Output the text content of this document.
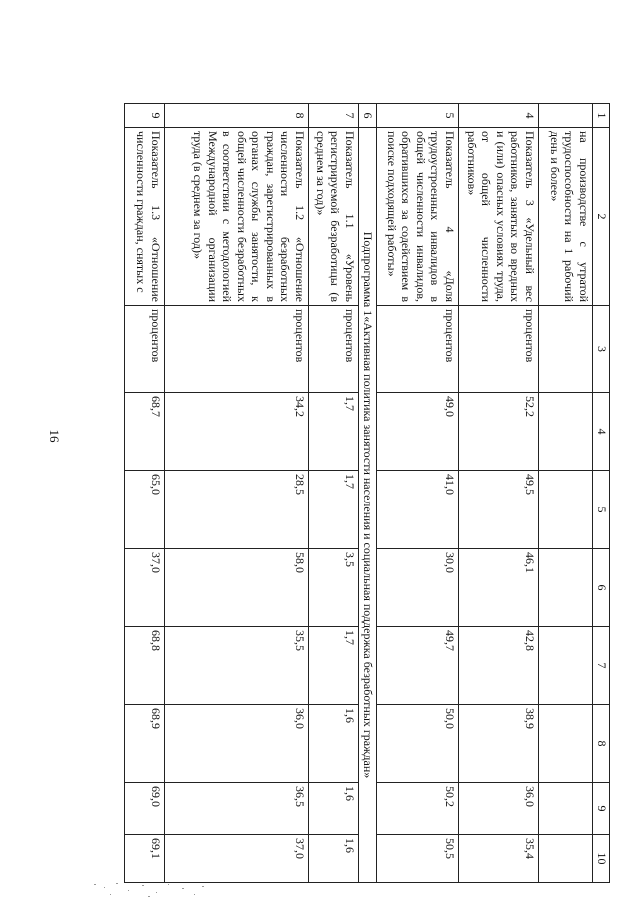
16
1	2	3	4	5	6	7	8	9	10
	на производстве с утратой трудоспособности на 1 рабочий день и более»								
4	Показатель 3 «Удельный вес работников, занятых во вредных и (или) опасных условиях труда, от общей численности работников»	процентов	52,2	49,5	46,1	42,8	38,9	36,0	35,4
5	Показатель 4 «Доля трудоустроенных инвалидов в общей численности инвалидов, обратившихся за содействием в поиске подходящей работы»	процентов	49,0	41,0	30,0	49,7	50,0	50,2	50,5
6	Подпрограмма 1«Активная политика занятости населения и социальная поддержка безработных граждан»								
7	Показатель 1.1 «Уровень регистрируемой безработицы (в среднем за год)»	процентов	1,7	1,7	3,5	1,7	1,6	1,6	1,6
8	Показатель 1.2 «Отношение численности безработных граждан, зарегистрированных в органах службы занятости, к общей численности безработных в соответствии с методологией Международной организации труда (в среднем за год)»	процентов	34,2	28,5	58,0	35,5	36,0	36,5	37,0
9	Показатель 1.3 «Отношение численности граждан, снятых с	процентов	68,7	65,0	37,0	68,8	68,9	69,0	69,1
